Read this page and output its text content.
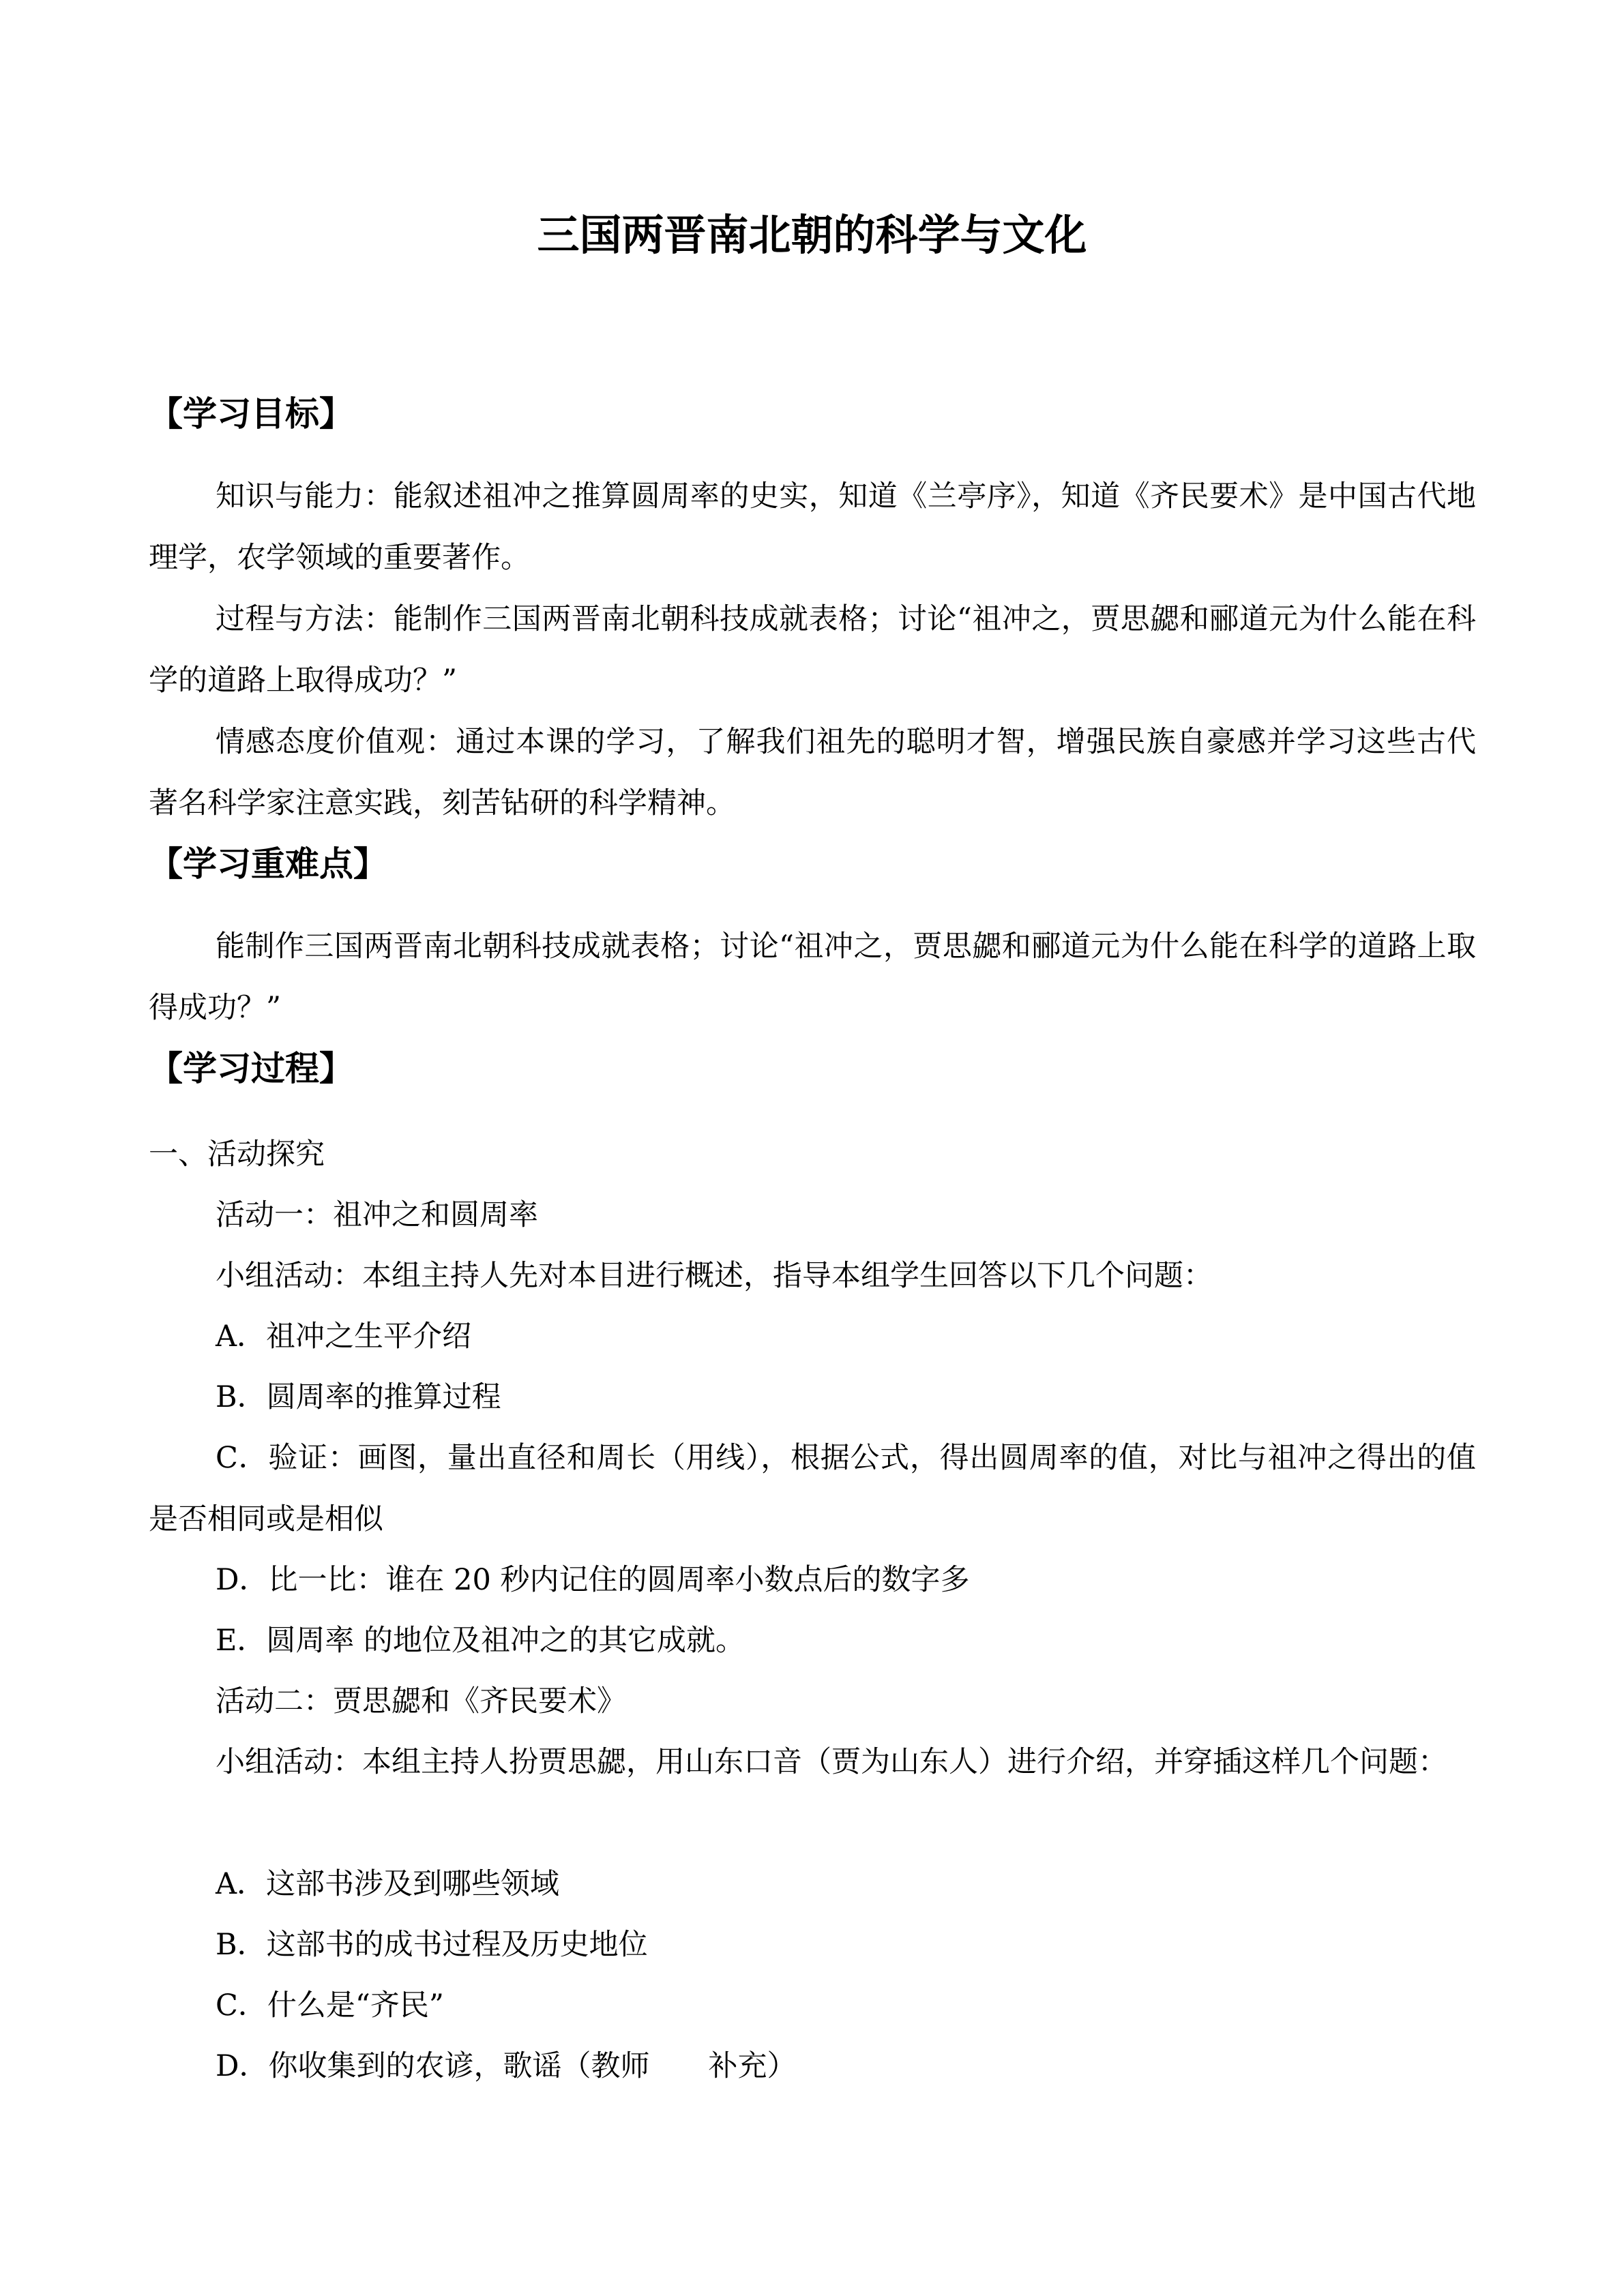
三国两晋南北朝的科学与文化
【学习目标】

知识与能力：能叙述祖冲之推算圆周率的史实，知道《兰亭序》，知道《齐民要术》是中国古代地理学，农学领域的重要著作。

过程与方法：能制作三国两晋南北朝科技成就表格；讨论“祖冲之，贾思勰和郦道元为什么能在科学的道路上取得成功？”

情感态度价值观：通过本课的学习，了解我们祖先的聪明才智，增强民族自豪感并学习这些古代著名科学家注意实践，刻苦钻研的科学精神。

【学习重难点】

能制作三国两晋南北朝科技成就表格；讨论“祖冲之，贾思勰和郦道元为什么能在科学的道路上取得成功？”

【学习过程】
一、活动探究
活动一：祖冲之和圆周率
小组活动：本组主持人先对本目进行概述，指导本组学生回答以下几个问题：
A．祖冲之生平介绍
B．圆周率的推算过程

C．验证：画图，量出直径和周长（用线），根据公式，得出圆周率的值，对比与祖冲之得出的值是否相同或是相似

D．比一比：谁在 20 秒内记住的圆周率小数点后的数字多
E．圆周率 的地位及祖冲之的其它成就。
活动二：贾思勰和《齐民要术》

小组活动：本组主持人扮贾思勰，用山东口音（贾为山东人）进行介绍，并穿插这样几个问题：

A．这部书涉及到哪些领域
B．这部书的成书过程及历史地位
C．什么是“齐民”
D．你收集到的农谚，歌谣（教师　　补充）
